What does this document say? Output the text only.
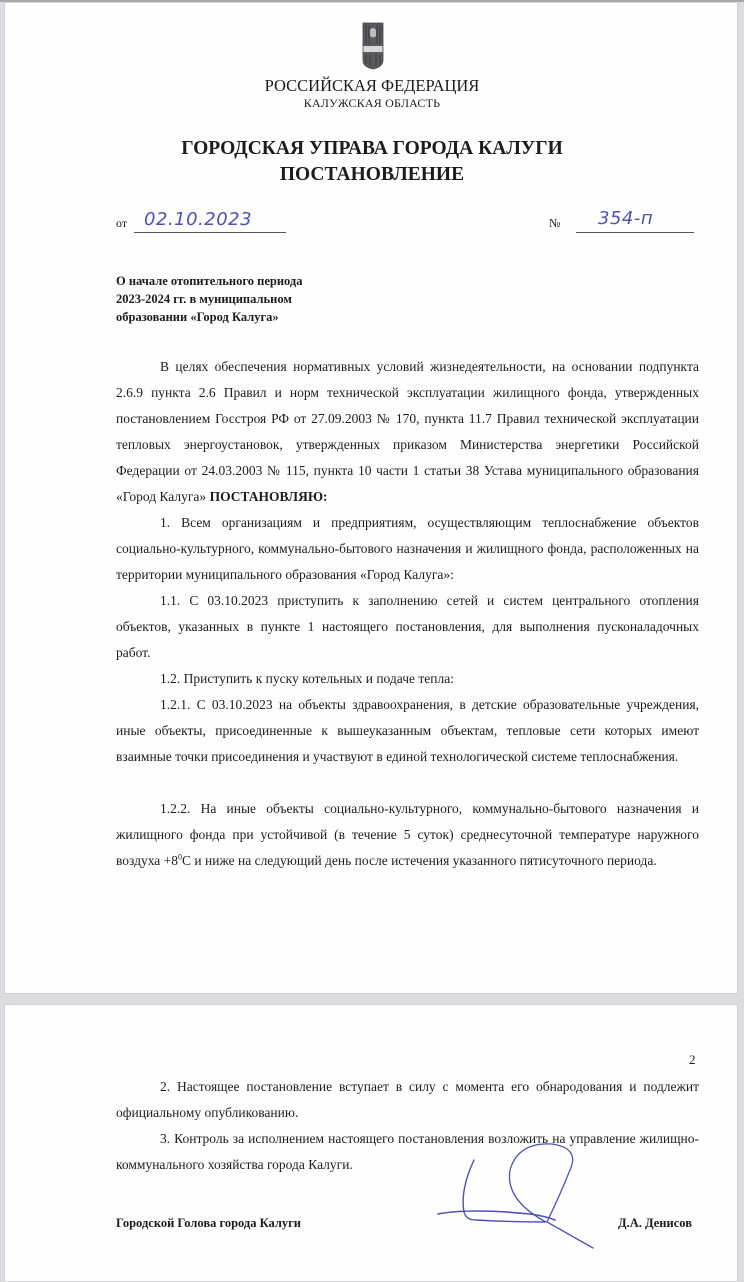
РОССИЙСКАЯ ФЕДЕРАЦИЯ
КАЛУЖСКАЯ ОБЛАСТЬ
ГОРОДСКАЯ УПРАВА ГОРОДА КАЛУГИ
ПОСТАНОВЛЕНИЕ
от 02.10.2023	№ 354-п
О начале отопительного периода
2023-2024 гг. в муниципальном
образовании «Город Калуга»
В целях обеспечения нормативных условий жизнедеятельности, на основании подпункта 2.6.9 пункта 2.6 Правил и норм технической эксплуатации жилищного фонда, утвержденных постановлением Госстроя РФ от 27.09.2003 № 170, пункта 11.7 Правил технической эксплуатации тепловых энергоустановок, утвержденных приказом Министерства энергетики Российской Федерации от 24.03.2003 № 115, пункта 10 части 1 статьи 38 Устава муниципального образования «Город Калуга» ПОСТАНОВЛЯЮ:
1. Всем организациям и предприятиям, осуществляющим теплоснабжение объектов социально-культурного, коммунально-бытового назначения и жилищного фонда, расположенных на территории муниципального образования «Город Калуга»:
1.1. С 03.10.2023 приступить к заполнению сетей и систем центрального отопления объектов, указанных в пункте 1 настоящего постановления, для выполнения пусконаладочных работ.
1.2. Приступить к пуску котельных и подаче тепла:
1.2.1. С 03.10.2023 на объекты здравоохранения, в детские образовательные учреждения, иные объекты, присоединенные к вышеуказанным объектам, тепловые сети которых имеют взаимные точки присоединения и участвуют в единой технологической системе теплоснабжения.
1.2.2. На иные объекты социально-культурного, коммунально-бытового назначения и жилищного фонда при устойчивой (в течение 5 суток) среднесуточной температуре наружного воздуха $+8^0С$ и ниже на следующий день после истечения указанного пятисуточного периода.
2
2. Настоящее постановление вступает в силу с момента его обнародования и подлежит официальному опубликованию.
3. Контроль за исполнением настоящего постановления возложить на управление жилищно-коммунального хозяйства города Калуги.
Городской Голова города Калуги	Д.А. Денисов
